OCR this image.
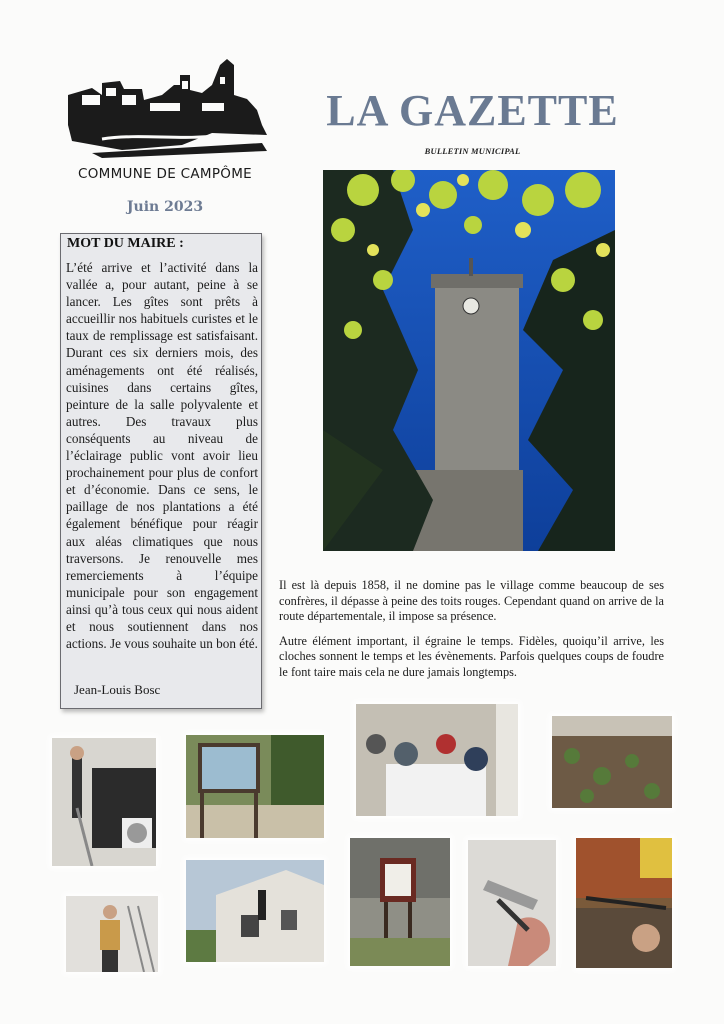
COMMUNE DE CAMPÔME
Juin 2023
LA GAZETTE
BULLETIN MUNICIPAL
MOT DU MAIRE :
L’été arrive et l’activité dans la vallée a, pour autant, peine à se lancer. Les gîtes sont prêts à accueillir nos habituels curistes et le taux de remplissage est satisfaisant. Durant ces six derniers mois, des aménagements ont été réalisés, cuisines dans certains gîtes, peinture de la salle polyvalente et autres. Des travaux plus conséquents au niveau de l’éclairage public vont avoir lieu prochainement pour plus de confort et d’économie. Dans ce sens, le paillage de nos plantations a été également bénéfique pour réagir aux aléas climatiques que nous traversons. Je renouvelle mes remerciements à l’équipe municipale pour son engagement ainsi qu’à tous ceux qui nous aident et nous soutiennent dans nos actions. Je vous souhaite un bon été.
Jean-Louis Bosc

Il est là depuis 1858, il ne domine pas le village comme beaucoup de ses confrères, il dépasse à peine des toits rouges. Cependant quand on arrive de la route départementale, il impose sa présence.

Autre élément important, il égraine le temps. Fidèles, quoiqu’il arrive, les cloches sonnent le temps et les évènements. Parfois quelques coups de foudre le font taire mais cela ne dure jamais longtemps.
